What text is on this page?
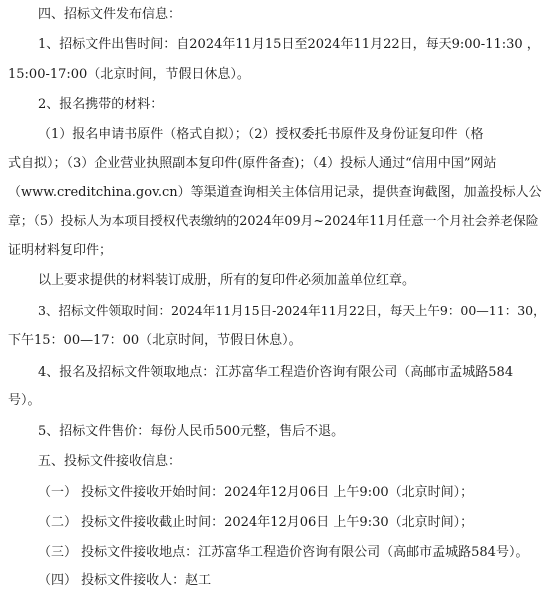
四、招标文件发布信息：
1、招标文件出售时间：自2024年11月15日至2024年11月22日，每天9:00-11:30 ，
15:00-17:00（北京时间，节假日休息）。
2、报名携带的材料：
（1）报名申请书原件（格式自拟）；（2）授权委托书原件及身份证复印件（格
式自拟）；（3）企业营业执照副本复印件(原件备查)；（4）投标人通过“信用中国”网站
（www.creditchina.gov.cn）等渠道查询相关主体信用记录，提供查询截图，加盖投标人公
章；（5）投标人为本项目授权代表缴纳的2024年09月~2024年11月任意一个月社会养老保险
证明材料复印件；
以上要求提供的材料装订成册，所有的复印件必须加盖单位红章。
3、招标文件领取时间：2024年11月15日-2024年11月22日，每天上午9：00—11：30，
下午15：00—17：00（北京时间，节假日休息）。
4、报名及招标文件领取地点：江苏富华工程造价咨询有限公司（高邮市孟城路584
号）。
5、招标文件售价：每份人民币500元整，售后不退。
五、投标文件接收信息：
（一） 投标文件接收开始时间：2024年12月06日 上午9:00（北京时间）；
（二） 投标文件接收截止时间：2024年12月06日 上午9:30（北京时间）；
（三） 投标文件接收地点：江苏富华工程造价咨询有限公司（高邮市孟城路584号）。
（四） 投标文件接收人：赵工
